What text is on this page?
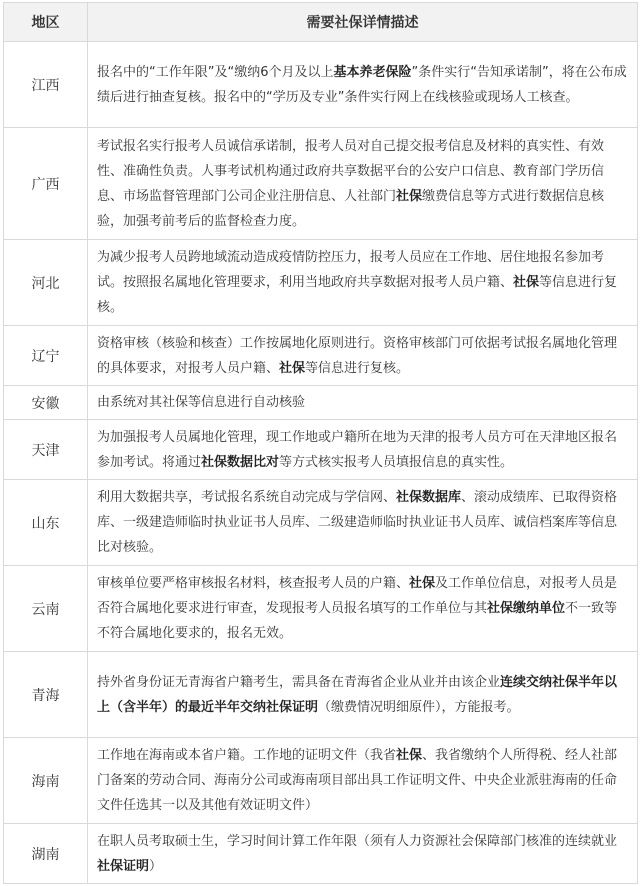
地区	需要社保详情描述
江西	报名中的“工作年限”及“缴纳6个月及以上基本养老保险”条件实行“告知承诺制”，将在公布成绩后进行抽查复核。报名中的“学历及专业”条件实行网上在线核验或现场人工核查。
广西	考试报名实行报考人员诚信承诺制，报考人员对自己提交报考信息及材料的真实性、有效性、准确性负责。人事考试机构通过政府共享数据平台的公安户口信息、教育部门学历信息、市场监督管理部门公司企业注册信息、人社部门社保缴费信息等方式进行数据信息核验，加强考前考后的监督检查力度。
河北	为减少报考人员跨地域流动造成疫情防控压力，报考人员应在工作地、居住地报名参加考试。按照报名属地化管理要求，利用当地政府共享数据对报考人员户籍、社保等信息进行复核。
辽宁	资格审核（核验和核查）工作按属地化原则进行。资格审核部门可依据考试报名属地化管理的具体要求，对报考人员户籍、社保等信息进行复核。
安徽	由系统对其社保等信息进行自动核验
天津	为加强报考人员属地化管理，现工作地或户籍所在地为天津的报考人员方可在天津地区报名参加考试。将通过社保数据比对等方式核实报考人员填报信息的真实性。
山东	利用大数据共享，考试报名系统自动完成与学信网、社保数据库、滚动成绩库、已取得资格库、一级建造师临时执业证书人员库、二级建造师临时执业证书人员库、诚信档案库等信息比对核验。
云南	审核单位要严格审核报名材料，核查报考人员的户籍、社保及工作单位信息，对报考人员是否符合属地化要求进行审查，发现报考人员报名填写的工作单位与其社保缴纳单位不一致等不符合属地化要求的，报名无效。
青海	持外省身份证无青海省户籍考生，需具备在青海省企业从业并由该企业连续交纳社保半年以上（含半年）的最近半年交纳社保证明（缴费情况明细原件），方能报考。
海南	工作地在海南或本省户籍。工作地的证明文件（我省社保、我省缴纳个人所得税、经人社部门备案的劳动合同、海南分公司或海南项目部出具工作证明文件、中央企业派驻海南的任命文件任选其一以及其他有效证明文件）
湖南	在职人员考取硕士生，学习时间计算工作年限（须有人力资源社会保障部门核准的连续就业社保证明）
